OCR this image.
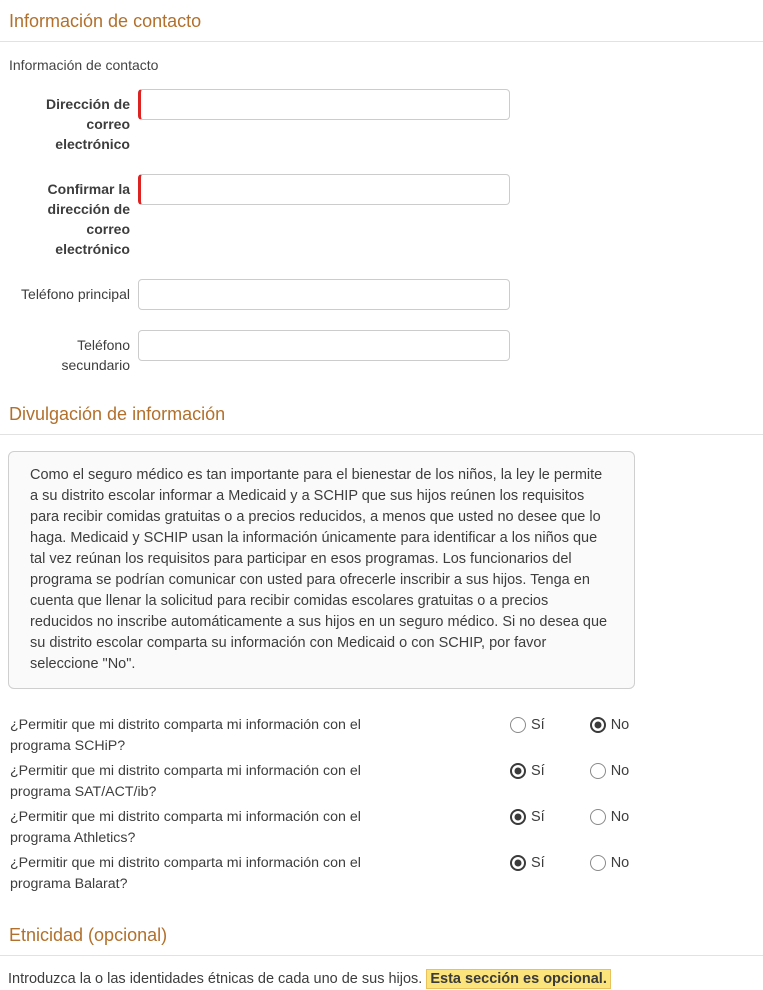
Información de contacto

Información de contacto

Dirección de correo electrónico
Confirmar la dirección de correo electrónico
Teléfono principal
Teléfono secundario
Divulgación de información
Como el seguro médico es tan importante para el bienestar de los niños, la ley le permite a su distrito escolar informar a Medicaid y a SCHIP que sus hijos reúnen los requisitos para recibir comidas gratuitas o a precios reducidos, a menos que usted no desee que lo haga. Medicaid y SCHIP usan la información únicamente para identificar a los niños que tal vez reúnan los requisitos para participar en esos programas. Los funcionarios del programa se podrían comunicar con usted para ofrecerle inscribir a sus hijos. Tenga en cuenta que llenar la solicitud para recibir comidas escolares gratuitas o a precios reducidos no inscribe automáticamente a sus hijos en un seguro médico. Si no desea que su distrito escolar comparta su información con Medicaid o con SCHIP, por favor seleccione "No".
¿Permitir que mi distrito comparta mi información con el programa SCHiP?
Sí	No
¿Permitir que mi distrito comparta mi información con el programa SAT/ACT/ib?
Sí	No
¿Permitir que mi distrito comparta mi información con el programa Athletics?
Sí	No
¿Permitir que mi distrito comparta mi información con el programa Balarat?
Sí	No
Etnicidad (opcional)

Introduzca la o las identidades étnicas de cada uno de sus hijos. Esta sección es opcional.
